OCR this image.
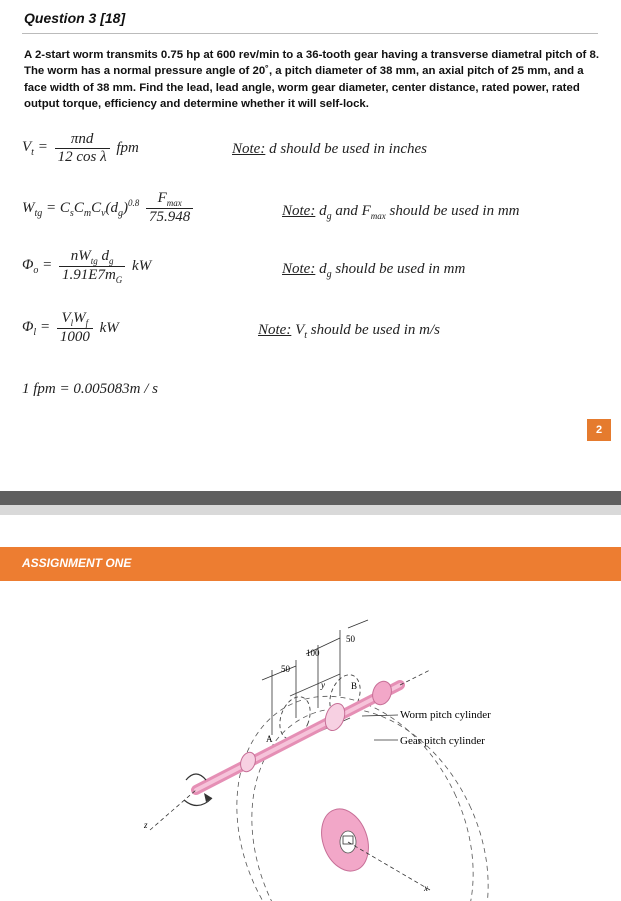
Question 3 [18]
A 2-start worm transmits 0.75 hp at 600 rev/min to a 36-tooth gear having a transverse diametral pitch of 8. The worm has a normal pressure angle of 20˚, a pitch diameter of 38 mm, an axial pitch of 25 mm, and a face width of 38 mm. Find the lead, lead angle, worm gear diameter, center distance, rated power, rated output torque, efficiency and determine whether it will self-lock.
$V_t = \frac{\text{πnd}}{\text{12 cos λ}}$ fpm	Note: d should be used in inches
$W_{tg} = C_sC_mC_v(d_g)^{0.8} \frac{F_{max}}{75.948}$	Note: $d_g$ and $F_{max}$ should be used in mm
$\Phi_o = \frac{nW_{tg} d_g}{1.91E7m_G}$ kW	Note: $d_g$ should be used in mm
$\Phi_l = \frac{V_lW_f}{1000}$ kW	Note: $V_t$ should be used in m/s
1 fpm = 0.005083m / s
2
ASSIGNMENT ONE
50
100
50
y	B
A
z
x
Worm pitch cylinder
Gear pitch cylinder
